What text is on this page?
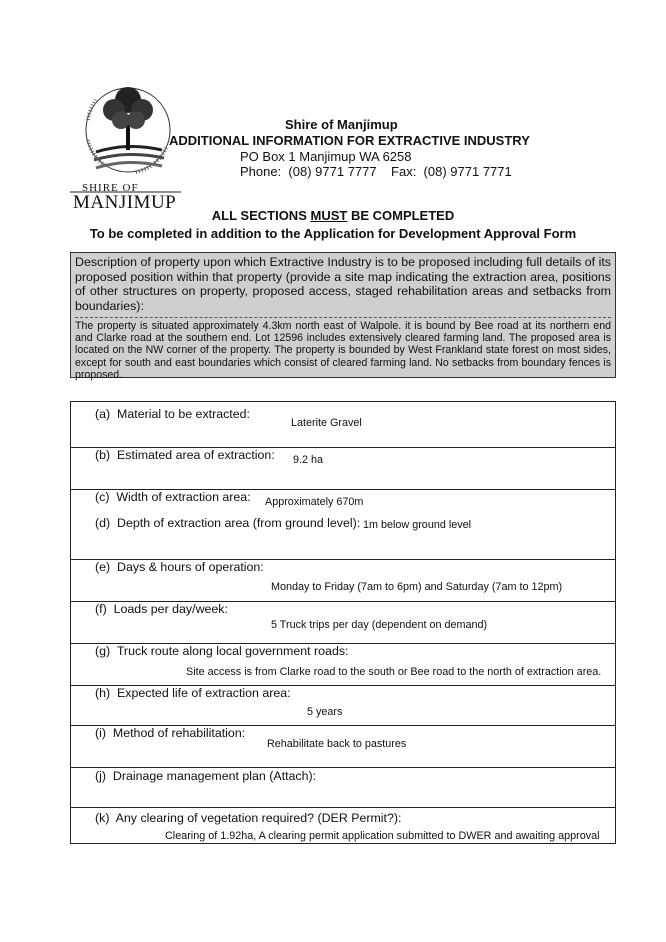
SHIRE OF
MANJIMUP
Shire of Manjimup
ADDITIONAL INFORMATION FOR EXTRACTIVE INDUSTRY
PO Box 1 Manjimup WA 6258
Phone:  (08) 9771 7777    Fax:  (08) 9771 7771
ALL SECTIONS MUST BE COMPLETED
To be completed in addition to the Application for Development Approval Form
Description of property upon which Extractive Industry is to be proposed including full details of its proposed position within that property (provide a site map indicating the extraction area, positions of other structures on property, proposed access, staged rehabilitation areas and setbacks from boundaries):
The property is situated approximately 4.3km north east of Walpole. it is bound by Bee road at its northern end and Clarke road at the southern end. Lot 12596 includes extensively cleared farming land. The proposed area is located on the NW corner of the property. The property is bounded by West Frankland state forest on most sides, except for south and east boundaries which consist of cleared farming land. No setbacks from boundary fences is proposed.
(a) Material to be extracted:
Laterite Gravel
(b) Estimated area of extraction: 9.2 ha
(c) Width of extraction area: Approximately 670m
(d) Depth of extraction area (from ground level): 1m below ground level
(e) Days & hours of operation:
Monday to Friday (7am to 6pm) and Saturday (7am to 12pm)
(f) Loads per day/week:
5 Truck trips per day (dependent on demand)
(g) Truck route along local government roads:
Site access is from Clarke road to the south or Bee road to the north of extraction area.
(h) Expected life of extraction area:
5 years
(i) Method of rehabilitation:
Rehabilitate back to pastures
(j) Drainage management plan (Attach):
(k) Any clearing of vegetation required? (DER Permit?):
Clearing of 1.92ha, A clearing permit application submitted to DWER and awaiting approval
